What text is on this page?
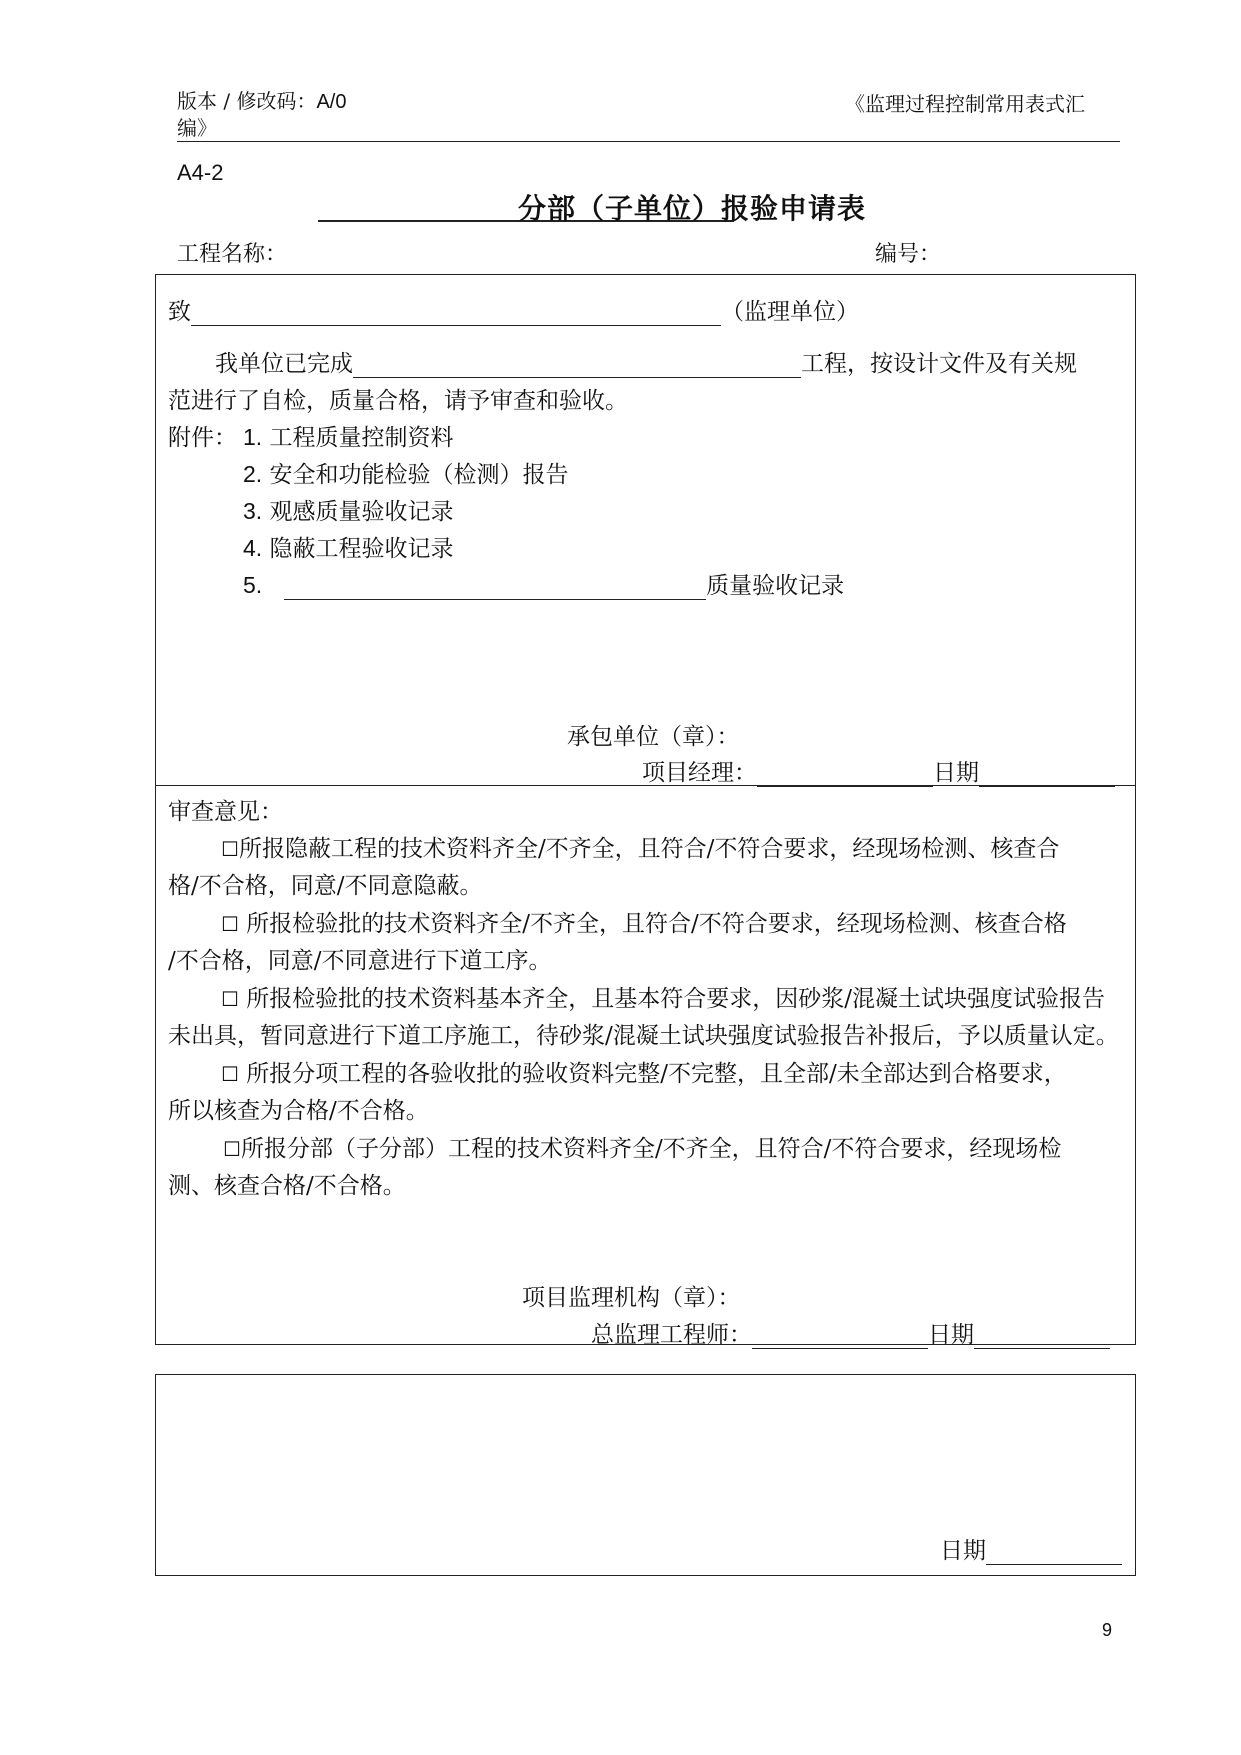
版本 / 修改码：A/0
编》
《监理过程控制常用表式汇
A4-2
分部（子单位）报验申请表
工程名称：	编号：
致	（监理单位）
我单位已完成	工程，按设计文件及有关规
范进行了自检，质量合格，请予审查和验收。
附件： 1. 工程质量控制资料
2. 安全和功能检验（检测）报告
3. 观感质量验收记录
4. 隐蔽工程验收记录
5.	质量验收记录
承包单位（章）：
项目经理：	日期
审查意见：
☐所报隐蔽工程的技术资料齐全/不齐全，且符合/不符合要求，经现场检测、核查合
格/不合格，同意/不同意隐蔽。
☐ 所报检验批的技术资料齐全/不齐全，且符合/不符合要求，经现场检测、核查合格
/不合格，同意/不同意进行下道工序。
☐ 所报检验批的技术资料基本齐全，且基本符合要求，因砂浆/混凝土试块强度试验报告
未出具，暂同意进行下道工序施工，待砂浆/混凝土试块强度试验报告补报后，予以质量认定。
☐ 所报分项工程的各验收批的验收资料完整/不完整，且全部/未全部达到合格要求，
所以核查为合格/不合格。
☐所报分部（子分部）工程的技术资料齐全/不齐全，且符合/不符合要求，经现场检
测、核查合格/不合格。
项目监理机构（章）：
总监理工程师：	日期
日期
9
